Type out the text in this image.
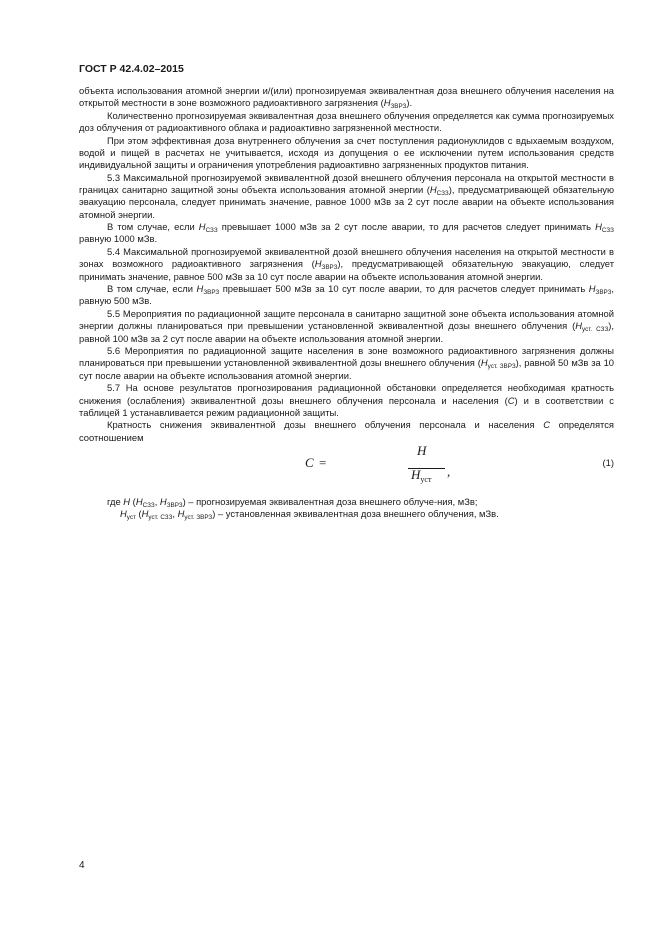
ГОСТ Р 42.4.02–2015

объекта использования атомной энергии и/(или) прогнозируемая эквивалентная доза внешнего облучения населения на открытой местности в зоне возможного радиоактивного загрязнения $(H_{ЗВРЗ})$.

Количественно прогнозируемая эквивалентная доза внешнего облучения определяется как сумма прогнозируемых доз облучения от радиоактивного облака и радиоактивно загрязненной местности.

При этом эффективная доза внутреннего облучения за счет поступления радионуклидов с вдыхаемым воздухом, водой и пищей в расчетах не учитывается, исходя из допущения о ее исключении путем использования средств индивидуальной защиты и ограничения употребления радиоактивно загрязненных продуктов питания.

5.3 Максимальной прогнозируемой эквивалентной дозой внешнего облучения персонала на открытой местности в границах санитарно защитной зоны объекта использования атомной энергии $(H_{СЗЗ})$, предусматривающей обязательную эвакуацию персонала, следует принимать значение, равное 1000 мЗв за 2 сут после аварии на объекте использования атомной энергии.

В том случае, если $H_{СЗЗ}$ превышает 1000 мЗв за 2 сут после аварии, то для расчетов следует принимать $H_{СЗЗ}$ равную 1000 мЗв.

5.4 Максимальной прогнозируемой эквивалентной дозой внешнего облучения населения на открытой местности в зонах возможного радиоактивного загрязнения $(H_{ЗВРЗ})$, предусматривающей обязательную эвакуацию, следует принимать значение, равное 500 мЗв за 10 сут после аварии на объекте использования атомной энергии.

В том случае, если $H_{ЗВРЗ}$ превышает 500 мЗв за 10 сут после аварии, то для расчетов следует принимать $H_{ЗВРЗ}$, равную 500 мЗв.

5.5 Мероприятия по радиационной защите персонала в санитарно защитной зоне объекта использования атомной энергии должны планироваться при превышении установленной эквивалентной дозы внешнего облучения $(H_{уст. СЗЗ})$, равной 100 мЗв за 2 сут после аварии на объекте использования атомной энергии.

5.6 Мероприятия по радиационной защите населения в зоне возможного радиоактивного загрязнения должны планироваться при превышении установленной эквивалентной дозы внешнего облучения $(H_{уст. ЗВРЗ})$, равной 50 мЗв за 10 сут после аварии на объекте использования атомной энергии.

5.7 На основе результатов прогнозирования радиационной обстановки определяется необходимая кратность снижения (ослабления) эквивалентной дозы внешнего облучения персонала и населения (С) и в соответствии с таблицей 1 устанавливается режим радиационной защиты.

Кратность снижения эквивалентной дозы внешнего облучения персонала и населения С определятся соотношением

C =
H
$H_{уст}$
,
(1)

где H ($H_{СЗЗ}$, $H_{ЗВРЗ}$) – прогнозируемая эквивалентная доза внешнего облуче-ния, мЗв;

$H_{уст}$ ($H_{уст. СЗЗ}$, $H_{уст. ЗВРЗ}$) – установленная эквивалентная доза внешнего облучения, мЗв.

4
